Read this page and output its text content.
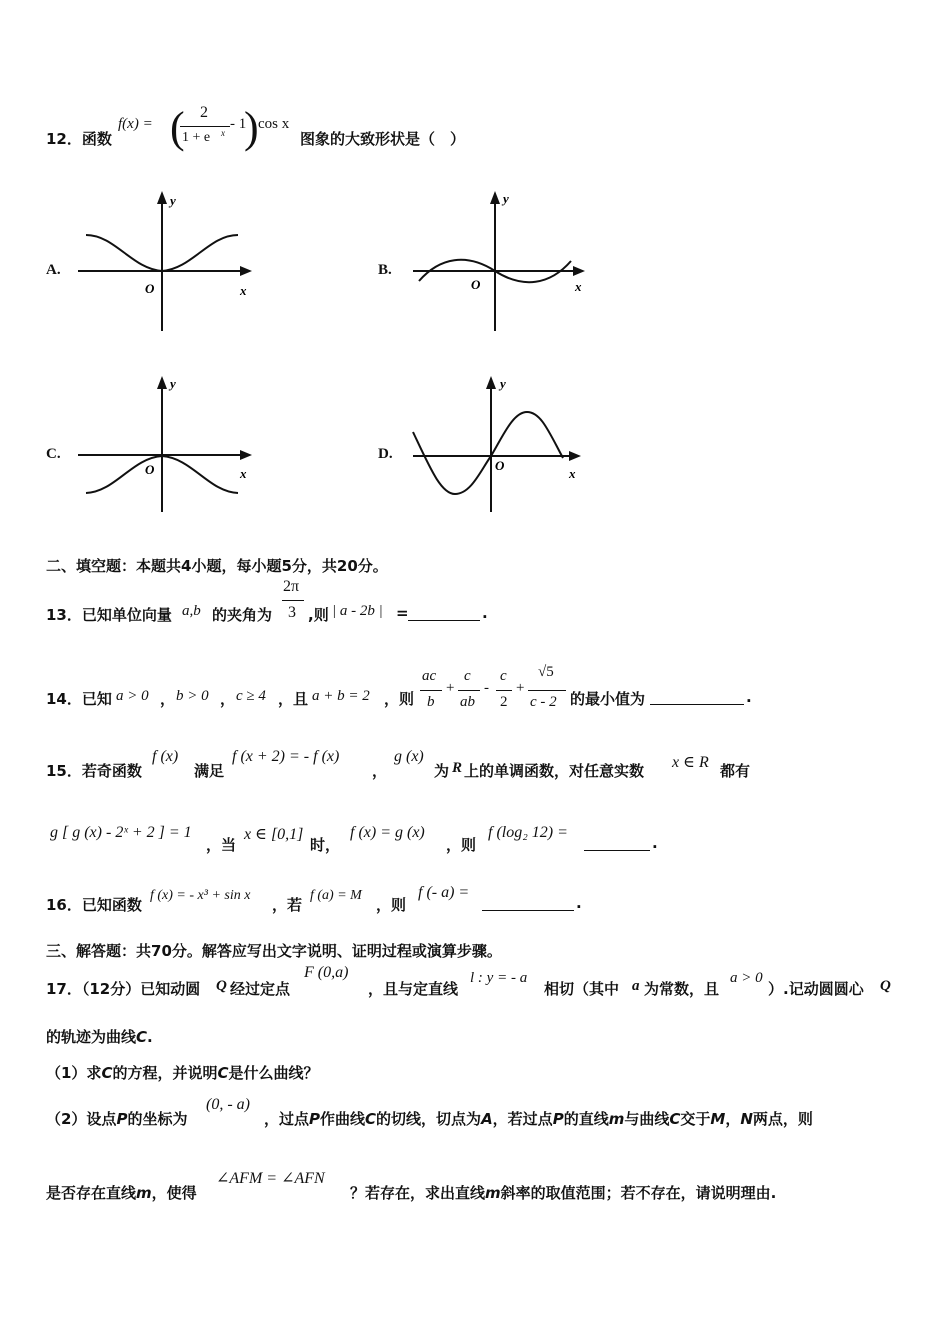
12．函数
f(x) = ( 2
1 + e x
- 1
) cos x
图象的大致形状是（　）
A.
y
x
O
B.
y
x
O
C.
y
x
O
D.
y
x
O
二、填空题：本题共4小题，每小题5分，共20分。
13．已知单位向量 a,b 的夹角为
2π
3 ,则 | a - 2b | =	.
14．已知 a > 0 ， b > 0 ， c ≥ 4 ，且 a + b = 2 ，则
ac
b
+
c
ab
-
c
2
+
√5
c - 2 的最小值为	.
15．若奇函数
f (x)
满足
f (x + 2) = - f (x)
，
g (x)
为 R 上的单调函数，对任意实数 x ∈ R 都有
g [ g (x) - 2ˣ + 2 ] = 1
，当
x ∈ [0,1]
时，
f (x) = g (x)
，则
f (log₂ 12) =
.
16．已知函数
f (x) = - x³ + sin x
，若
f (a) = M
，则
f (- a) =
.
三、解答题：共70分。解答应写出文字说明、证明过程或演算步骤。
17．（12分）已知动圆 Q 经过定点
F (0,a)
，且与定直线
l : y = - a
相切（其中 a 为常数，且
a > 0
）.记动圆圆心 Q
的轨迹为曲线C.
（1）求C的方程，并说明C是什么曲线？
（2）设点P的坐标为
(0, - a)
，过点P作曲线C的切线，切点为A，若过点P的直线m与曲线C交于M，N两点，则
是否存在直线m，使得
∠AFM = ∠AFN
？若存在，求出直线m斜率的取值范围；若不存在，请说明理由.
